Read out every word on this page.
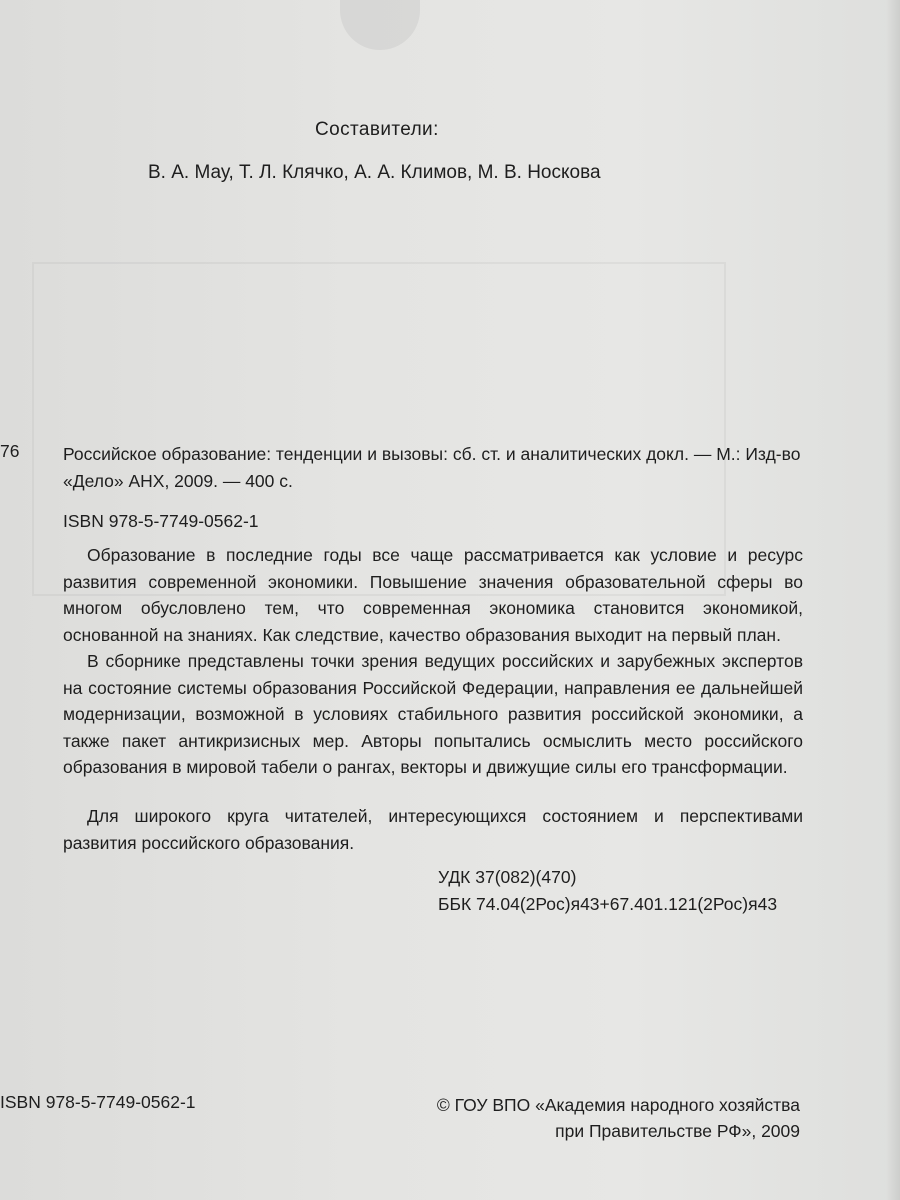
Составители:
В. А. Мау, Т. Л. Клячко, А. А. Климов, М. В. Носкова
76 Российское образование: тенденции и вызовы: сб. ст. и аналитических докл. — М.: Изд-во «Дело» АНХ, 2009. — 400 с.
ISBN 978-5-7749-0562-1

Образование в последние годы все чаще рассматривается как условие и ресурс развития современной экономики. Повышение значения образовательной сферы во многом обусловлено тем, что современная экономика становится экономикой, основанной на знаниях. Как следствие, качество образования выходит на первый план.

В сборнике представлены точки зрения ведущих российских и зарубежных экспертов на состояние системы образования Российской Федерации, направления ее дальнейшей модернизации, возможной в условиях стабильного развития российской экономики, а также пакет антикризисных мер. Авторы попытались осмыслить место российского образования в мировой табели о рангах, векторы и движущие силы его трансформации.

Для широкого круга читателей, интересующихся состоянием и перспективами развития российского образования.

УДК 37(082)(470)
ББК 74.04(2Рос)я43+67.401.121(2Рос)я43
ISBN 978-5-7749-0562-1	© ГОУ ВПО «Академия народного хозяйства
при Правительстве РФ», 2009
